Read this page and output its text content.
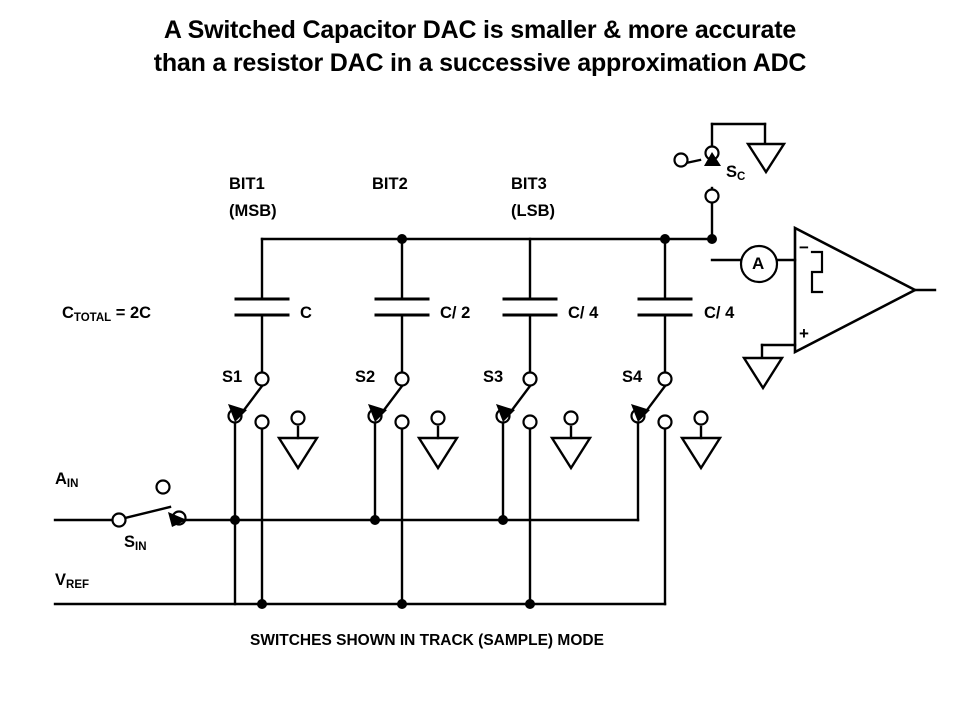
A Switched Capacitor DAC is smaller & more accurate
than a resistor DAC in a successive approximation ADC
BIT1
(MSB)
BIT2	BIT3
(LSB)
$C_{TOTAL} = 2C$	C	C/ 2	C/ 4	C/ 4
S1	S2	S3	S4
$S_C$
$A_{IN}$
$S_{IN}$
$V_{REF}$
A
−
+
SWITCHES SHOWN IN TRACK (SAMPLE) MODE
